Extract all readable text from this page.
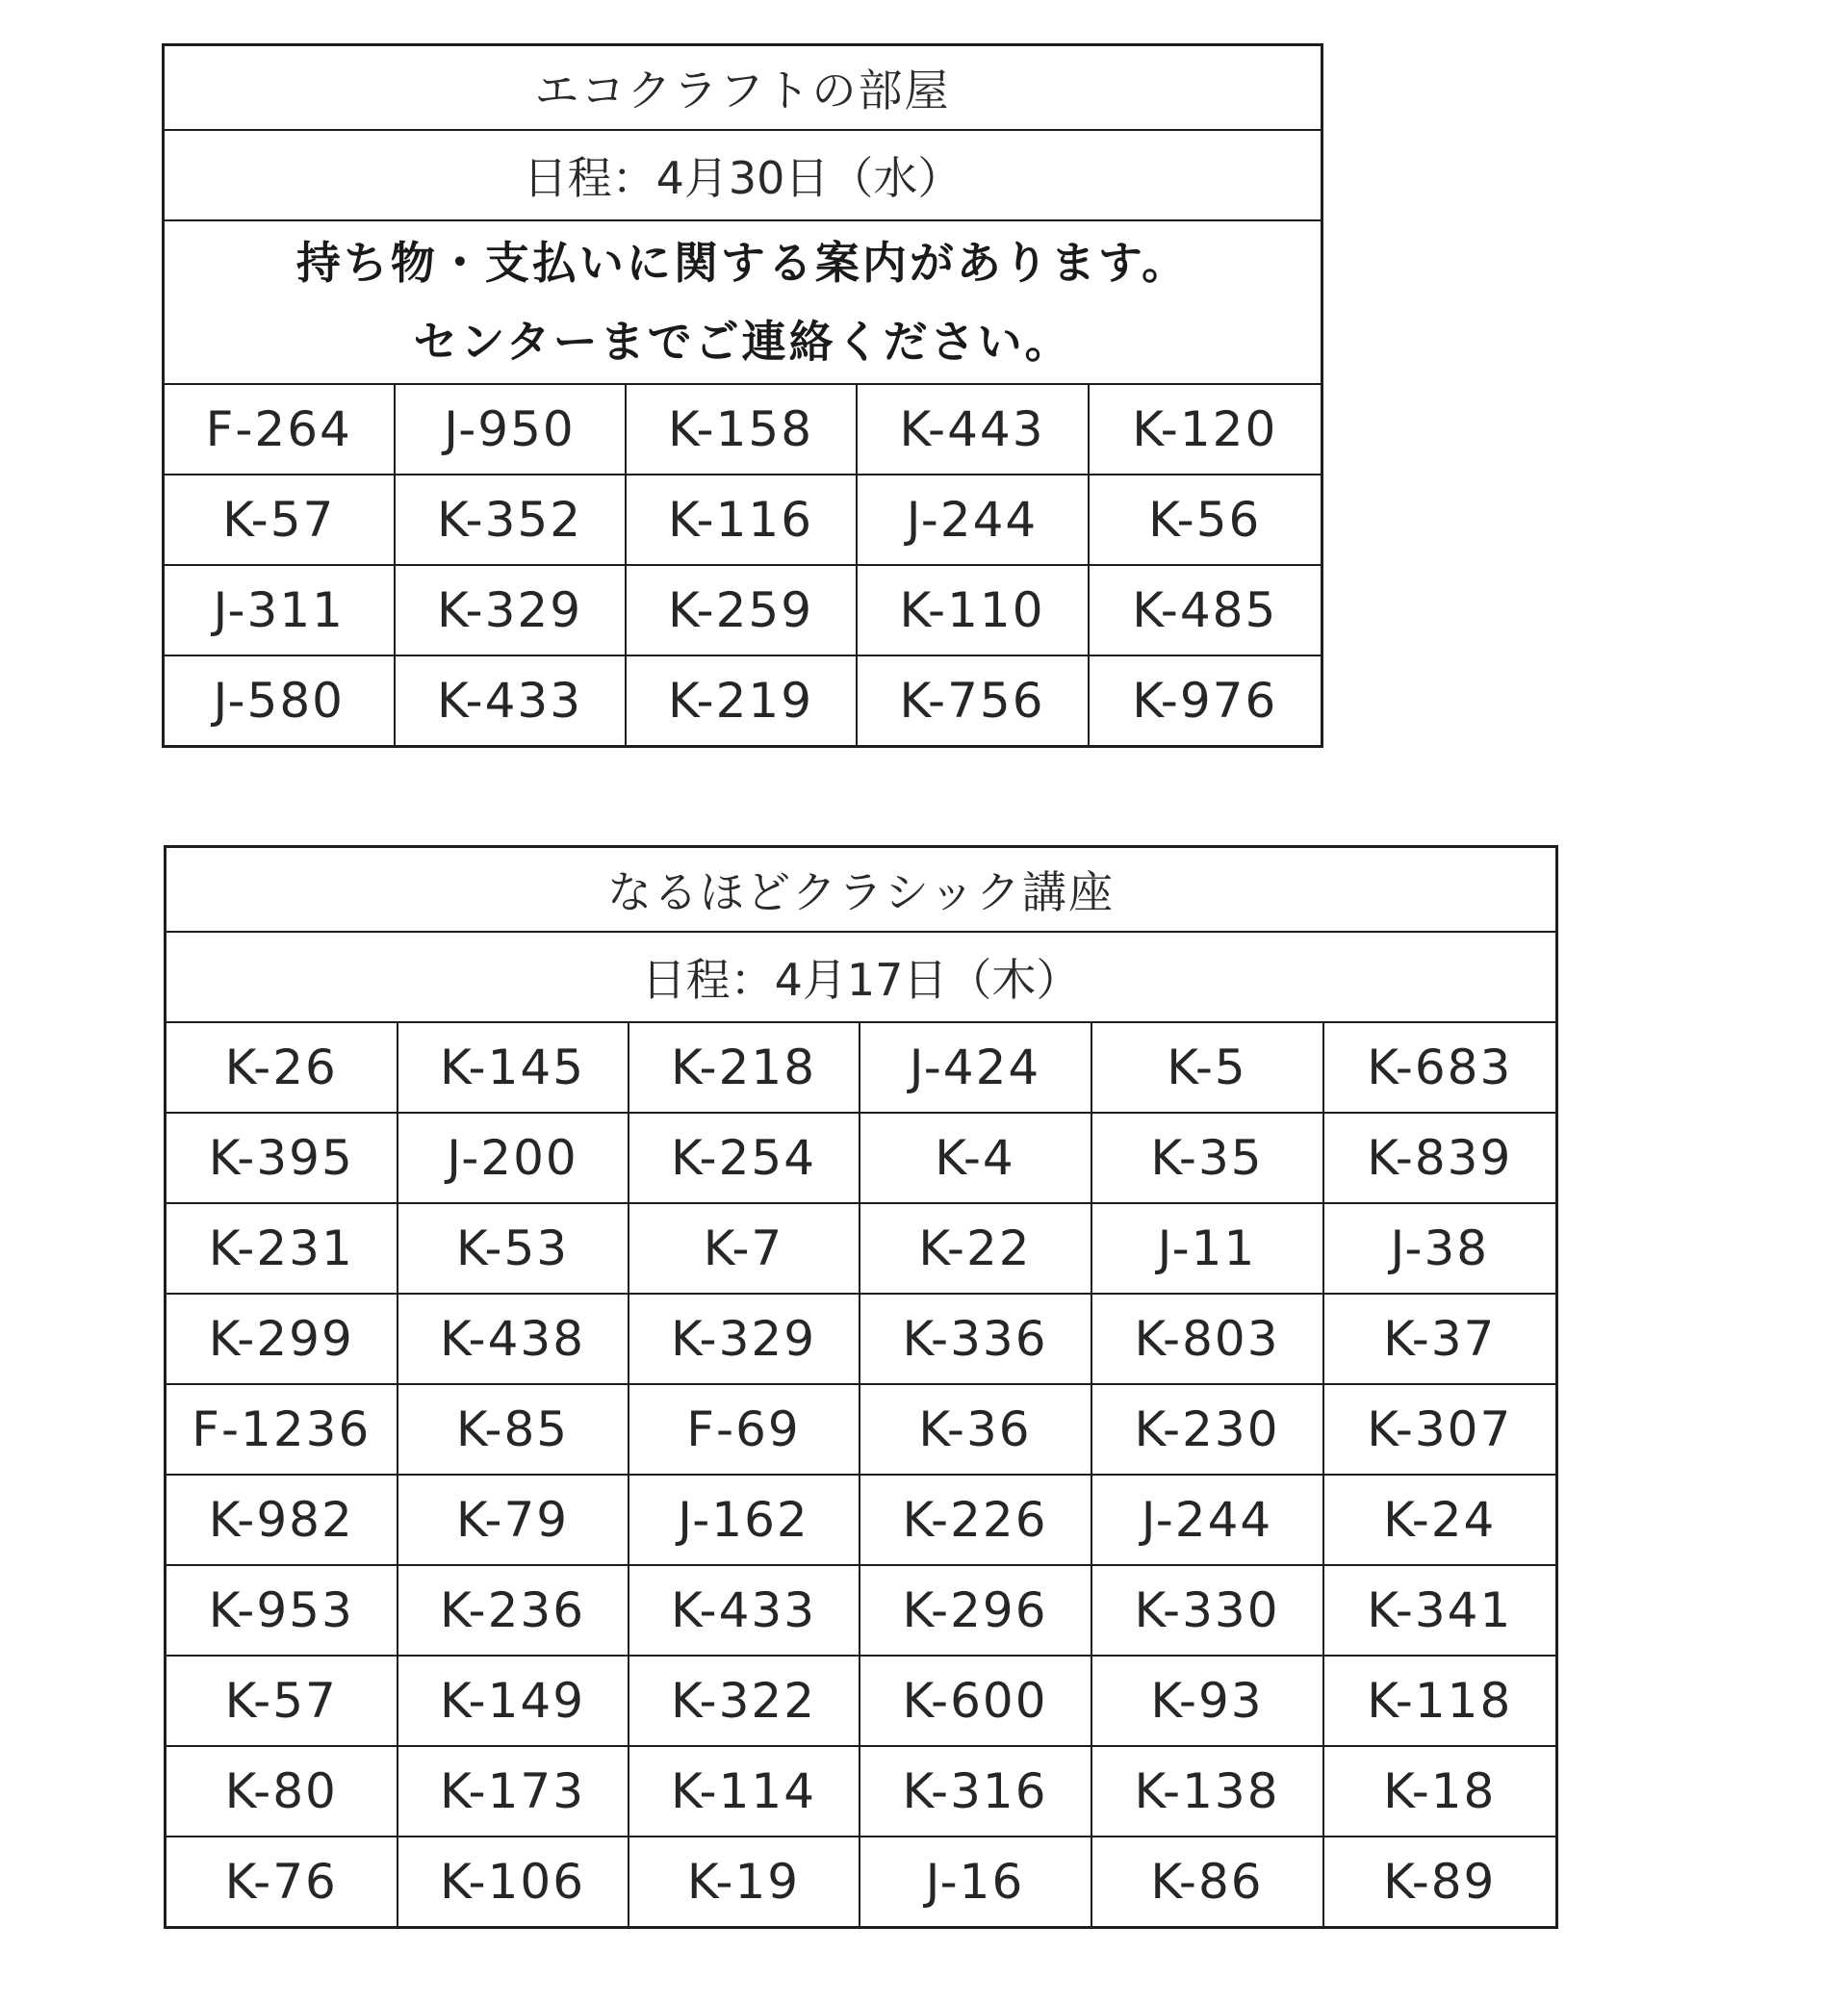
エコクラフトの部屋				
日程：4月30日（水）				

持ち物・支払いに関する案内があります。
センターまでご連絡ください。				

F-264	J-950	K-158	K-443	K-120
K-57	K-352	K-116	J-244	K-56
J-311	K-329	K-259	K-110	K-485
J-580	K-433	K-219	K-756	K-976
なるほどクラシック講座					
日程：4月17日（木）					
K-26	K-145	K-218	J-424	K-5	K-683
K-395	J-200	K-254	K-4	K-35	K-839
K-231	K-53	K-7	K-22	J-11	J-38
K-299	K-438	K-329	K-336	K-803	K-37
F-1236	K-85	F-69	K-36	K-230	K-307
K-982	K-79	J-162	K-226	J-244	K-24
K-953	K-236	K-433	K-296	K-330	K-341
K-57	K-149	K-322	K-600	K-93	K-118
K-80	K-173	K-114	K-316	K-138	K-18
K-76	K-106	K-19	J-16	K-86	K-89
